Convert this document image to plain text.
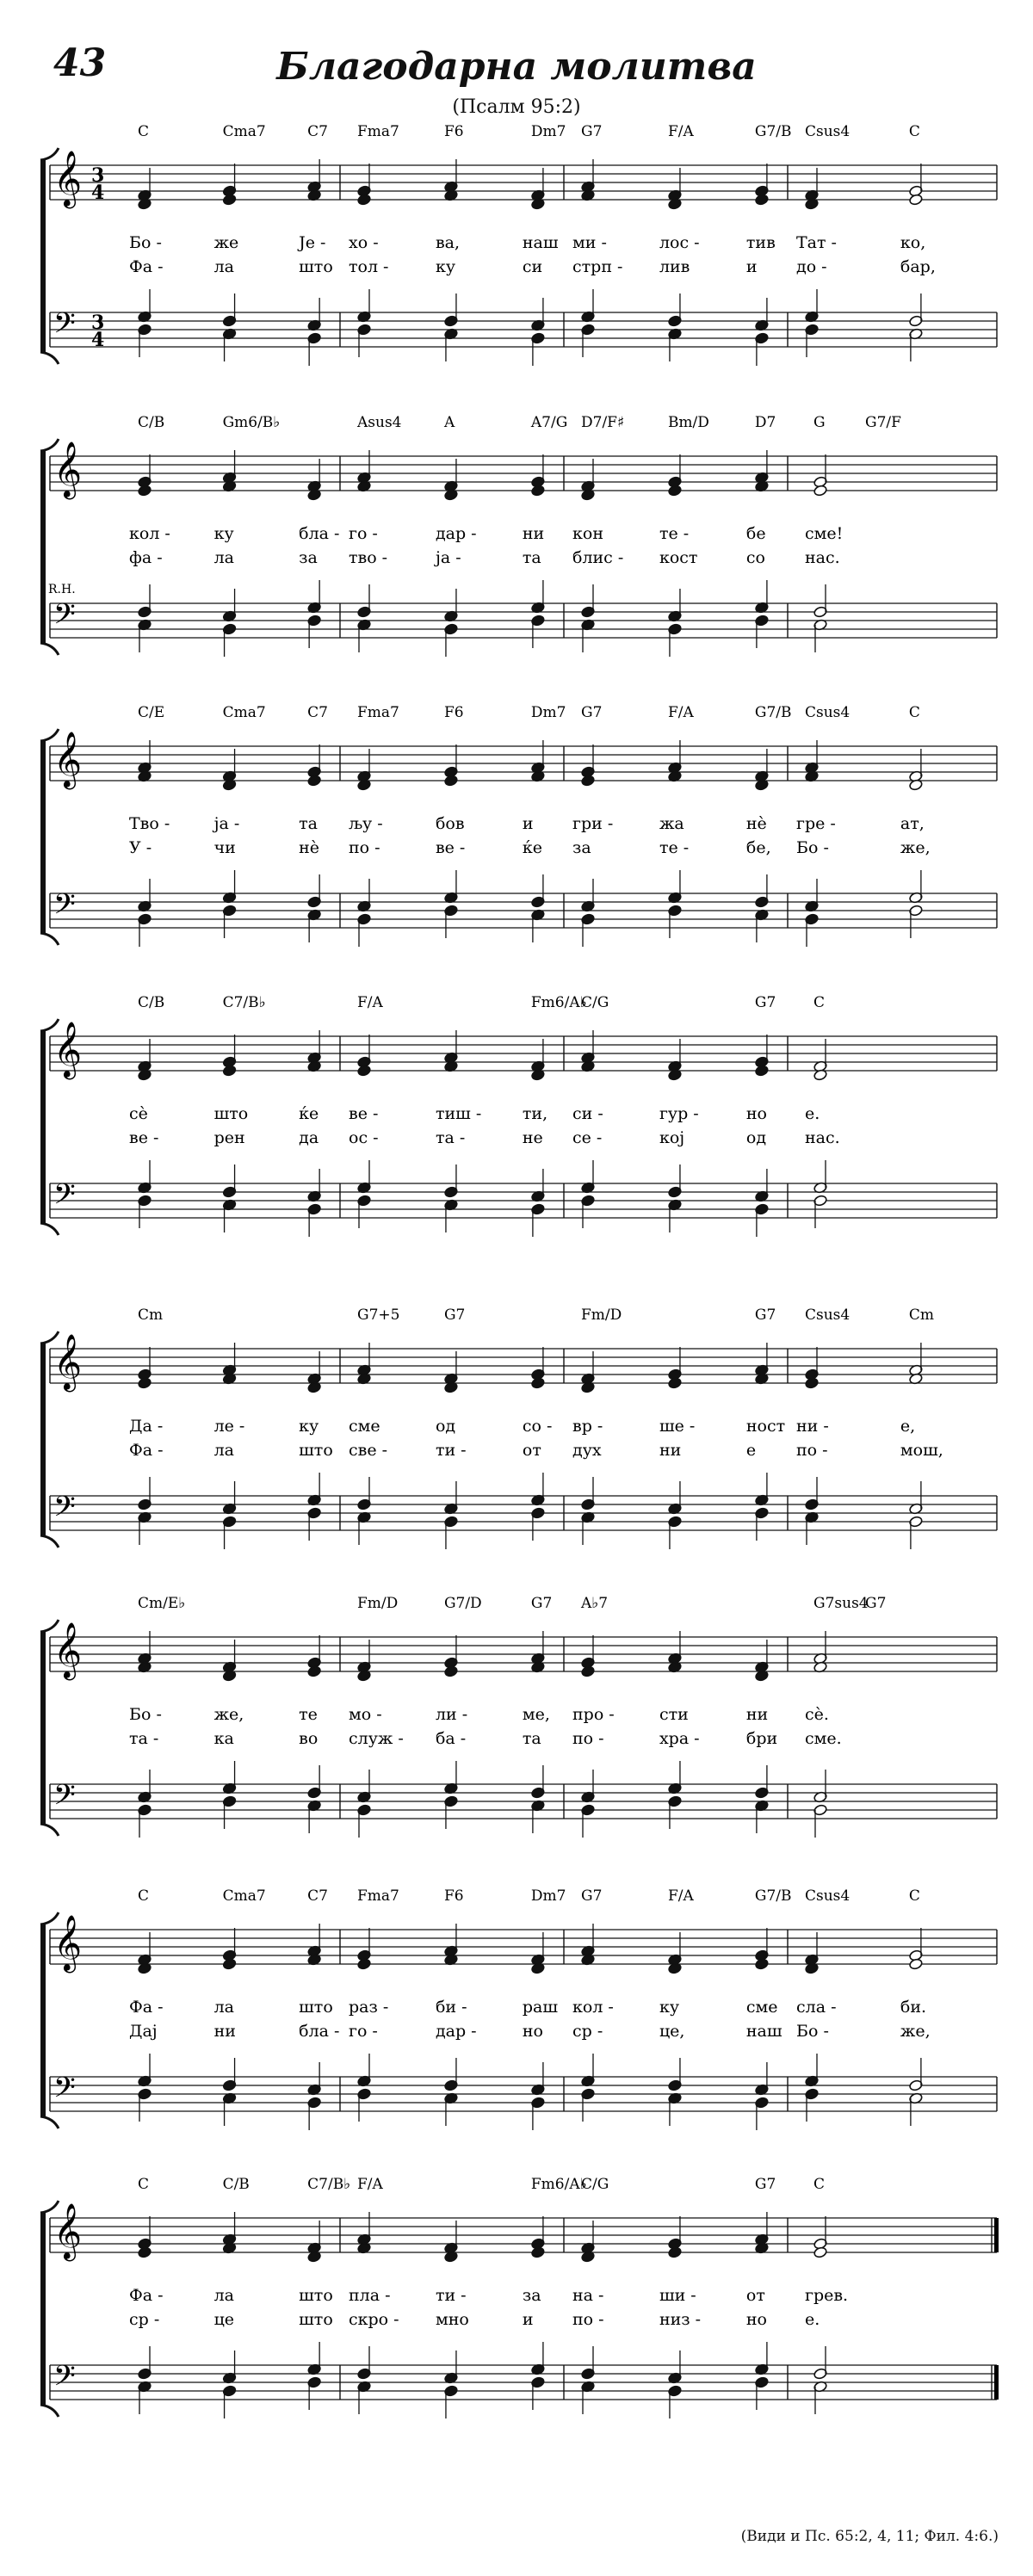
43	Благодарна молитва
(Псалм 95:2)
𝄞
𝄢
3
4
3
4
C	Cma7	C7
Бо -	же	Је -
Фа -	ла	што
Fma7	F6	Dm7
хо -	ва,	наш
тол -	ку	си
G7	F/A	G7/B
ми -	лос -	тив
стрп - лив	и
Csus4	C
Тат -	ко,
до -	бар,
𝄞
𝄢
R.H.
C/B	Gm6/B♭
кол -	ку	бла -
фа -	ла	за
Asus4	A	A7/G
го -	дар -	ни
тво -	ја -	та
D7/F♯	Bm/D	D7
кон	те -	бе
блис - кост	со
G	G7/F
сме!
нас.
𝄞
𝄢
C/E	Cma7	C7
Тво -	ја -	та
У -	чи	нè
Fma7	F6	Dm7
љу -	бов	и
по -	ве -	ќе
G7	F/A	G7/B
гри -	жа	нè
за	те -	бе,
Csus4	C
гре -	ат,
Бо -	же,
𝄞
𝄢
C/B	C7/B♭
сè	што	ќе
ве -	рен	да
F/A	Fm6/A♭
ве -	тиш -	ти,
ос -	та -	не
C/G	G7
си -	гур -	но
се -	кој	од
C
е.
нас.
𝄞
𝄢
Cm
Да -	ле -	ку
Фа -	ла	што
G7+5	G7
сме	од	со -
све -	ти -	от
Fm/D	G7
вр -	ше -	ност
дух	ни	е
Csus4	Cm
ни -	е,
по -	мош,
𝄞
𝄢
Cm/E♭
Бо -	же,	те
та -	ка	во
Fm/D	G7/D	G7
мо -	ли -	ме,
служ - ба -	та
A♭7
про -	сти	ни
по -	хра -	бри
G7sus4
G7
сè.
сме.
𝄞
𝄢
C	Cma7	C7
Фа -	ла	што
Дај	ни	бла -
Fma7	F6	Dm7
раз -	би -	раш
го -	дар -	но
G7	F/A	G7/B
кол -	ку	сме
ср -	це,	наш
Csus4	C
сла -	би.
Бо -	же,
𝄞
𝄢
C	C/B	C7/B♭
Фа -	ла	што
ср -	це	што
F/A	Fm6/A♭
пла -	ти -	за
скро - мно	и
C/G	G7
на -	ши -	от
по -	низ -	но
C
грев.
е.
(Види и Пс. 65:2, 4, 11; Фил. 4:6.)
